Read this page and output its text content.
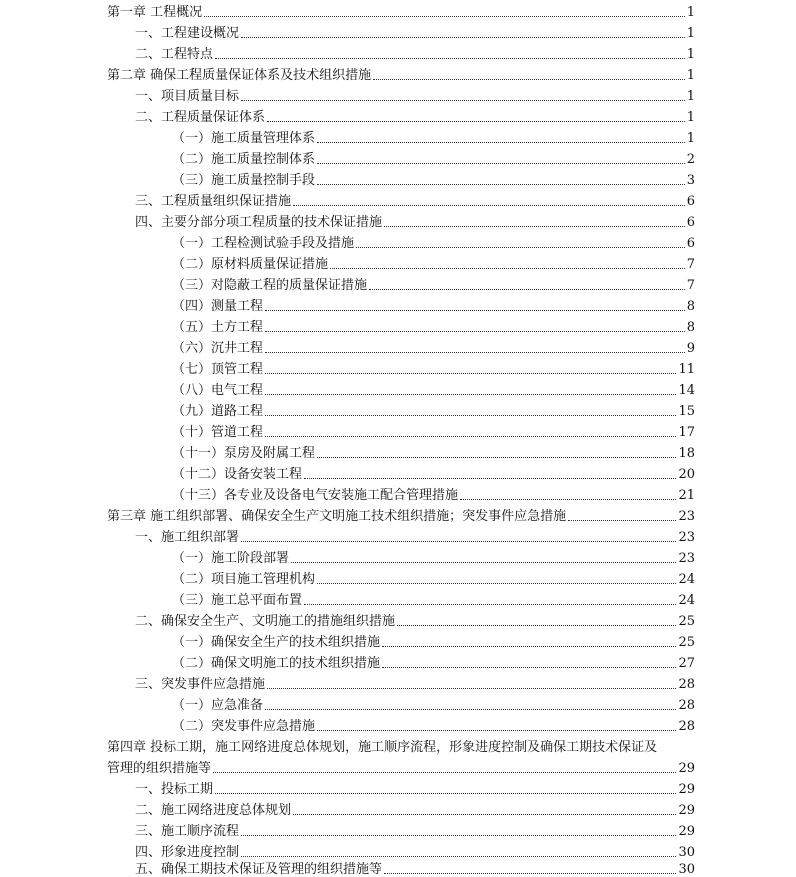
第一章 工程概况	1
一、工程建设概况	1
二、工程特点	1
第二章 确保工程质量保证体系及技术组织措施	1
一、项目质量目标	1
二、工程质量保证体系	1
（一）施工质量管理体系	1
（二）施工质量控制体系	2
（三）施工质量控制手段	3
三、工程质量组织保证措施	6
四、主要分部分项工程质量的技术保证措施	6
（一）工程检测试验手段及措施	6
（二）原材料质量保证措施	7
（三）对隐蔽工程的质量保证措施	7
（四）测量工程	8
（五）土方工程	8
（六）沉井工程	9
（七）顶管工程	11
（八）电气工程	14
（九）道路工程	15
（十）管道工程	17
（十一）泵房及附属工程	18
（十二）设备安装工程	20
（十三）各专业及设备电气安装施工配合管理措施	21
第三章 施工组织部署、确保安全生产文明施工技术组织措施；突发事件应急措施	23
一、施工组织部署	23
（一）施工阶段部署	23
（二）项目施工管理机构	24
（三）施工总平面布置	24
二、确保安全生产、文明施工的措施组织措施	25
（一）确保安全生产的技术组织措施	25
（二）确保文明施工的技术组织措施	27
三、突发事件应急措施	28
（一）应急准备	28
（二）突发事件应急措施	28
第四章 投标工期，施工网络进度总体规划，施工顺序流程，形象进度控制及确保工期技术保证及
管理的组织措施等	29
一、投标工期	29
二、施工网络进度总体规划	29
三、施工顺序流程	29
四、形象进度控制	30
五、确保工期技术保证及管理的组织措施等	30
